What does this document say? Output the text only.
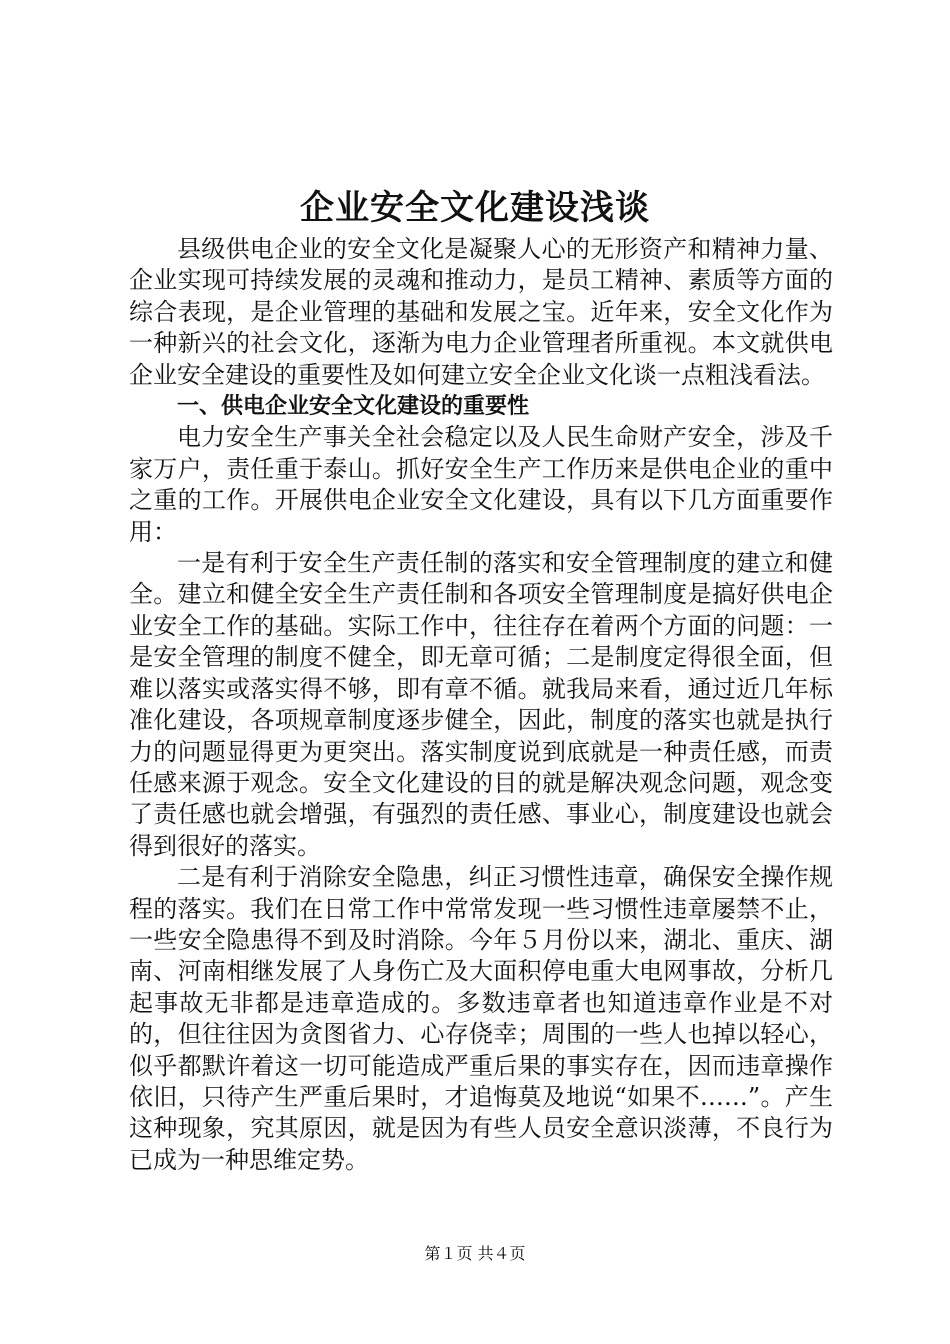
企业安全文化建设浅谈

县级供电企业的安全文化是凝聚人心的无形资产和精神力量、企业实现可持续发展的灵魂和推动力，是员工精神、素质等方面的综合表现，是企业管理的基础和发展之宝。近年来，安全文化作为一种新兴的社会文化，逐渐为电力企业管理者所重视。本文就供电企业安全建设的重要性及如何建立安全企业文化谈一点粗浅看法。

一、供电企业安全文化建设的重要性

电力安全生产事关全社会稳定以及人民生命财产安全，涉及千家万户，责任重于泰山。抓好安全生产工作历来是供电企业的重中之重的工作。开展供电企业安全文化建设，具有以下几方面重要作用：

一是有利于安全生产责任制的落实和安全管理制度的建立和健全。建立和健全安全生产责任制和各项安全管理制度是搞好供电企业安全工作的基础。实际工作中，往往存在着两个方面的问题：一是安全管理的制度不健全，即无章可循；二是制度定得很全面，但难以落实或落实得不够，即有章不循。就我局来看，通过近几年标准化建设，各项规章制度逐步健全，因此，制度的落实也就是执行力的问题显得更为更突出。落实制度说到底就是一种责任感，而责任感来源于观念。安全文化建设的目的就是解决观念问题，观念变了责任感也就会增强，有强烈的责任感、事业心，制度建设也就会得到很好的落实。

二是有利于消除安全隐患，纠正习惯性违章，确保安全操作规程的落实。我们在日常工作中常常发现一些习惯性违章屡禁不止，一些安全隐患得不到及时消除。今年５月份以来，湖北、重庆、湖南、河南相继发展了人身伤亡及大面积停电重大电网事故，分析几起事故无非都是违章造成的。多数违章者也知道违章作业是不对的，但往往因为贪图省力、心存侥幸；周围的一些人也掉以轻心，似乎都默许着这一切可能造成严重后果的事实存在，因而违章操作依旧，只待产生严重后果时，才追悔莫及地说“如果不……”。产生这种现象，究其原因，就是因为有些人员安全意识淡薄，不良行为已成为一种思维定势。

第１页 共４页
